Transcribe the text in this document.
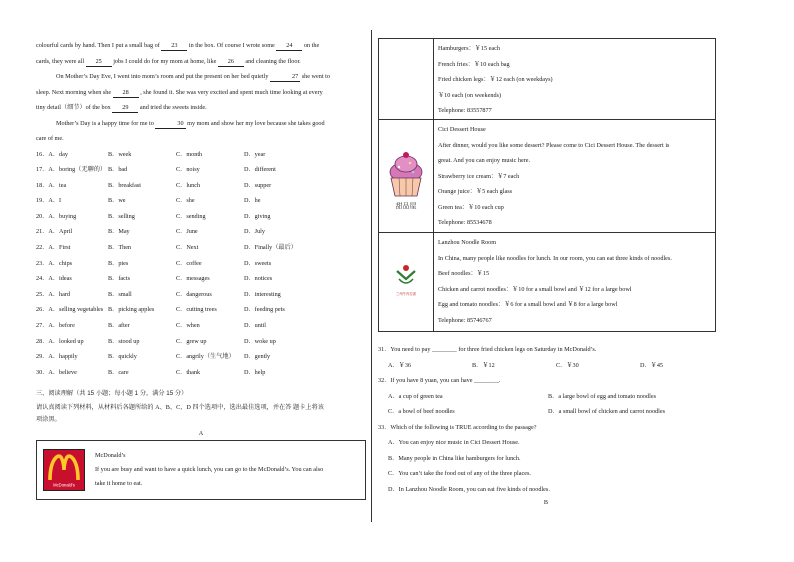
colourful cards by hand. Then I put a small bag of 23 in the box. Of course I wrote some 24 on the

cards, they were all 25 jobs I could do for my mom at home, like 26 and cleaning the floor.

On Mother’s Day Eve, I went into mom’s room and put the present on her bed quietly	27 she went to

sleep. Next morning when she 28 , she found it. She was very excited and spent much time looking at every

tiny detail（细节）of the box 29 and tried the sweets inside.

Mother’s Day is a happy time for me to	30 my mom and show her my love because she takes good

care of me.

16．A．day	B．week	C．month	D．year
17．A．boring（无聊的） B．bad	C．noisy	D．different
18．A．tea	B．breakfast	C．lunch	D．supper
19．A．I	B．we	C．she	D．he
20．A．buying	B．selling	C．sending	D．giving
21．A．April	B．May	C．June	D．July
22．A．First	B．Then	C．Next	D．Finally（最后）
23．A．chips	B．pies	C．coffee	D．sweets
24．A．ideas	B．facts	C．messages	D．notices
25．A．hard	B．small	C．dangerous	D．interesting
26．A．selling vegetables B．picking apples	C．cutting trees	D．feeding pets
27．A．before	B．after	C．when	D．until
28．A．looked up	B．stood up	C．grew up	D．woke up
29．A．happily	B．quickly	C．angrily（生气地）	D．gently
30．A．believe	B．care	C．thank	D．help
三、阅读理解（共 15 小题；每小题 1 分，满分 15 分）
请认真阅读下列材料，从材料后各题所给的 A、B、C、D 四个选项中，选出最佳选项，并在答 题卡上将该
项涂黑。
A
McDonald’s
McDonald’s
If you are busy and want to have a quick lunch, you can go to the McDonald’s. You can also
take it home to eat.
Hamburgers：￥15 each
French fries：￥10 each bag
Fried chicken legs：￥12 each (on weekdays)
￥10 each (on weekends)
Telephone: 83557877
甜品屋
Cici Dessert House
After dinner, would you like some dessert? Please come to Cici Dessert House. The dessert is
great. And you can enjoy music here.
Strawberry ice cream：￥7 each
Orange juice：￥5 each glass
Green tea：￥10 each cup
Telephone: 85534678
兰州牛肉拉面
Lanzhou Noodle Room
In China, many people like noodles for lunch. In our room, you can eat three kinds of noodles.
Beef noodles：￥15
Chicken and carrot noodles：￥10 for a small bowl and ￥12 for a large bowl
Egg and tomato noodles：￥6 for a small bowl and ￥8 for a large bowl
Telephone: 85746767
31．You need to pay ________ for three fried chicken legs on Saturday in McDonald’s.
A．￥36	B．￥12	C．￥30	D．￥45
32．If you have 8 yuan, you can have ________.
A．a cup of green tea	B．a large bowl of egg and tomato noodles
C．a bowl of beef noodles	D．a small bowl of chicken and carrot noodles
33．Which of the following is TRUE according to the passage?
A．You can enjoy nice music in Cici Dessert House.
B．Many people in China like hamburgers for lunch.
C．You can’t take the food out of any of the three places.
D．In Lanzhou Noodle Room, you can eat five kinds of noodles.
B
